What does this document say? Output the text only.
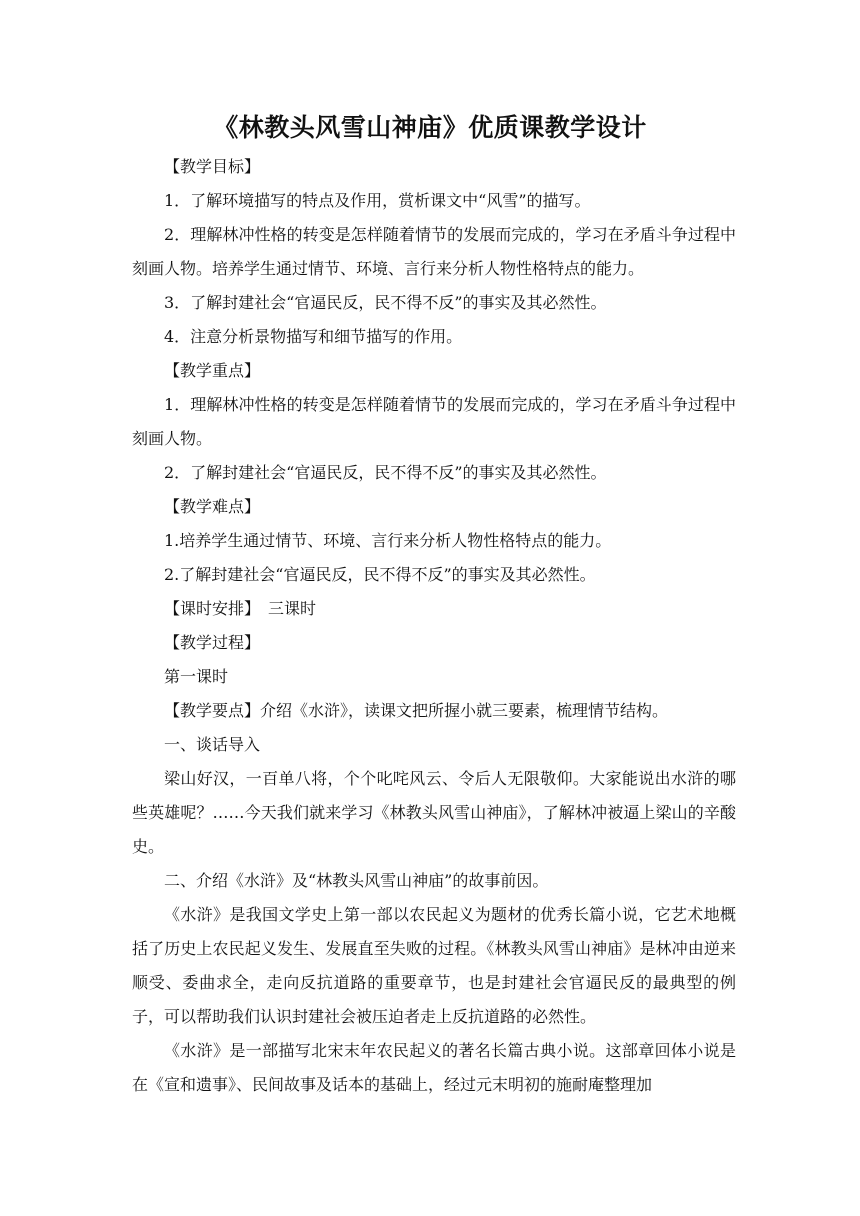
《林教头风雪山神庙》优质课教学设计

【教学目标】

1．了解环境描写的特点及作用，赏析课文中“风雪”的描写。

2．理解林冲性格的转变是怎样随着情节的发展而完成的，学习在矛盾斗争过程中刻画人物。培养学生通过情节、环境、言行来分析人物性格特点的能力。

3．了解封建社会“官逼民反，民不得不反”的事实及其必然性。

4．注意分析景物描写和细节描写的作用。

【教学重点】

1．理解林冲性格的转变是怎样随着情节的发展而完成的，学习在矛盾斗争过程中刻画人物。

2．了解封建社会“官逼民反，民不得不反”的事实及其必然性。

【教学难点】

1.培养学生通过情节、环境、言行来分析人物性格特点的能力。

2.了解封建社会“官逼民反，民不得不反”的事实及其必然性。

【课时安排】　三课时

【教学过程】

第一课时

【教学要点】介绍《水浒》，读课文把所握小就三要素，梳理情节结构。

一、谈话导入

梁山好汉，一百单八将，个个叱咤风云、令后人无限敬仰。大家能说出水浒的哪些英雄呢？……今天我们就来学习《林教头风雪山神庙》，了解林冲被逼上梁山的辛酸史。

二、介绍《水浒》及“林教头风雪山神庙”的故事前因。

《水浒》是我国文学史上第一部以农民起义为题材的优秀长篇小说，它艺术地概括了历史上农民起义发生、发展直至失败的过程。《林教头风雪山神庙》是林冲由逆来顺受、委曲求全，走向反抗道路的重要章节，也是封建社会官逼民反的最典型的例子，可以帮助我们认识封建社会被压迫者走上反抗道路的必然性。

《水浒》是一部描写北宋末年农民起义的著名长篇古典小说。这部章回体小说是在《宣和遗事》、民间故事及话本的基础上，经过元末明初的施耐庵整理加
